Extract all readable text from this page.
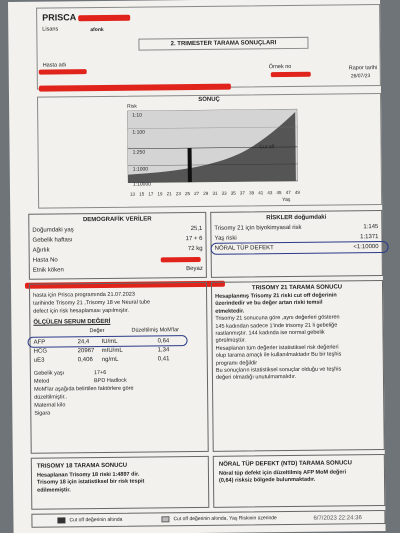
PRISCA
Lisans	afonk
2. TRIMESTER TARAMA SONUÇLARI
Hasta adı	Örnek no	Rapor tarihi
26/07/23
SONUÇ
Risk
1:10
1:100
1:250
1:1000
1:10000
Cut off
13 15 17 19 21 23 25 27 29 31 33 35 37 39 41 43 45 47 49
Yaş
DEMOGRAFİK VERİLER
Doğumdaki yaş	25,1
Gebelik haftası	17 + 6
Ağırlık	72 kg
Hasta No
Etnik köken	Beyaz
RİSKLER doğumdaki
Trisomy 21 için biyokimyasal risk	1:145
Yaş riski	1:1371
NÖRAL TÜP DEFEKT	<1:10000
hasta için Prisca programında 21.07.2023
tarihinde Trisomy 21 ,Trisomy 18 ve Neural tube
defect için risk hesaplaması yapılmıştır.
ÖLÇÜLEN SERUM DEĞERİ
Değer	Düzeltilmiş MoM'lar
AFP	24,4	IU/mL	0,64
HCG	20967	mIU/mL	1,34
uE3	0,406	ng/mL	0,41
Gebelik yaşı	17+6
Metod	BPD Hadlock
MoM'lar aşağıda belirtilen faktörlere göre
düzeltilmiştir..
Maternal kilo
Sigara
TRISOMY 21 TARAMA SONUCU
Hesaplanmış Trisomy 21 riski cut off değerinin
üzerindedir ve bu değer artan riski temsil
etmektedir.
Trisomy 21 sonucuna göre ,aynı değerleri gösteren
145 kadından sadece 1'inde trisomy 21 li gebeliğe
rastlanmıştır. 144 kadında ise normal gebelik
görülmüştür.
Hesaplanan tüm değerler istatistiksel risk değerleri
olup tarama amaçlı ile kullanılmaktadır Bu bir teşhis
programı değildir
Bu sonuçların istatistiksel sonuçlar olduğu ve teşhis
değeri olmadığı unutulmamalıdır.
TRISOMY 18 TARAMA SONUCU
Hesaplanan Trisomy 18 riski 1:4897 dir.
Trisomy 18 için istatistiksel bir risk tespit
edilmemiştir.
NÖRAL TÜP DEFEKT (NTD) TARAMA SONUCU
Nöral tüp defekt için düzeltilmiş AFP MoM değeri
(0,64) risksiz bölgede bulunmaktadır.
Cut off değerinin altında	Cut off değerinin altında, Yaş Riskinin üzerinde	6/7/2023 22:24:36
